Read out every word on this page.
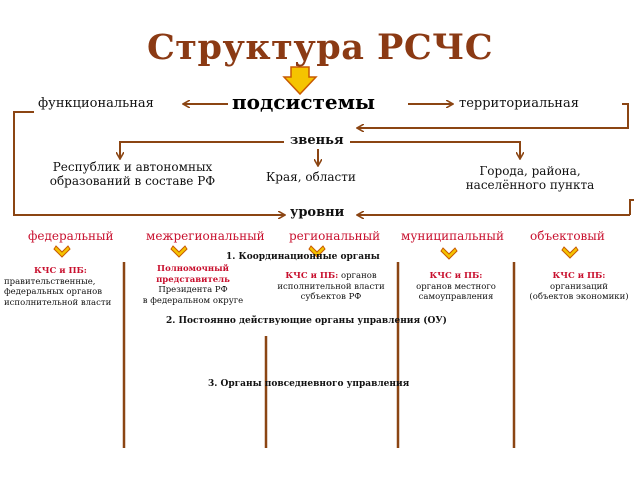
Структура РСЧС
подсистемы
функциональная	территориальная
звенья
Республик и автономных образований в составе РФ	Края, области	Города, района, населённого пункта
уровни
федеральный	межрегиональный региональный муниципальный объектовый
1. Координационные органы
КЧС и ПБ:
правительственные,
федеральных органов
исполнительной власти
Полномочный
представитель
Президента РФ
в федеральном округе
КЧС и ПБ: органов
исполнительной власти
субъектов РФ
КЧС и ПБ:
органов местного
самоуправления
КЧС и ПБ:
организаций
(объектов экономики)
2. Постоянно действующие органы управления (ОУ)
3. Органы повседневного управления
